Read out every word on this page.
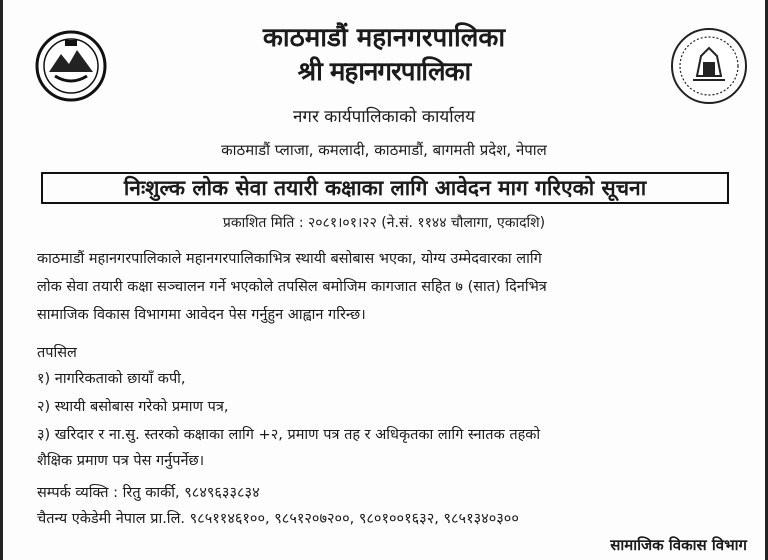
काठमाडौं महानगरपालिका
श्री महानगरपालिका
नगर कार्यपालिकाको कार्यालय
काठमाडौं प्लाजा, कमलादी, काठमाडौं, बागमती प्रदेश, नेपाल
निःशुल्क लोक सेवा तयारी कक्षाका लागि आवेदन माग गरिएको सूचना
प्रकाशित मिति : २०८१।०१।२२ (ने.सं. ११४४ चौलागा, एकादशि)
काठमाडौं महानगरपालिकाले महानगरपालिकाभित्र स्थायी बसोबास भएका, योग्य उम्मेदवारका लागि
लोक सेवा तयारी कक्षा सञ्चालन गर्ने भएकोले तपसिल बमोजिम कागजात सहित ७ (सात) दिनभित्र
सामाजिक विकास विभागमा आवेदन पेस गर्नुहुन आह्वान गरिन्छ।
तपसिल
१) नागरिकताको छायाँ कपी,
२) स्थायी बसोबास गरेको प्रमाण पत्र,
३) खरिदार र ना.सु. स्तरको कक्षाका लागि +२, प्रमाण पत्र तह र अधिकृतका लागि स्नातक तहको
शैक्षिक प्रमाण पत्र पेस गर्नुपर्नेछ।
सम्पर्क व्यक्ति : रितु कार्की, ९८४९६३३८३४
चैतन्य एकेडेमी नेपाल प्रा.लि. ९८५११४६१००, ९८५१२०७२००, ९८०१००१६३२, ९८५१३४०३००
सामाजिक विकास विभाग
